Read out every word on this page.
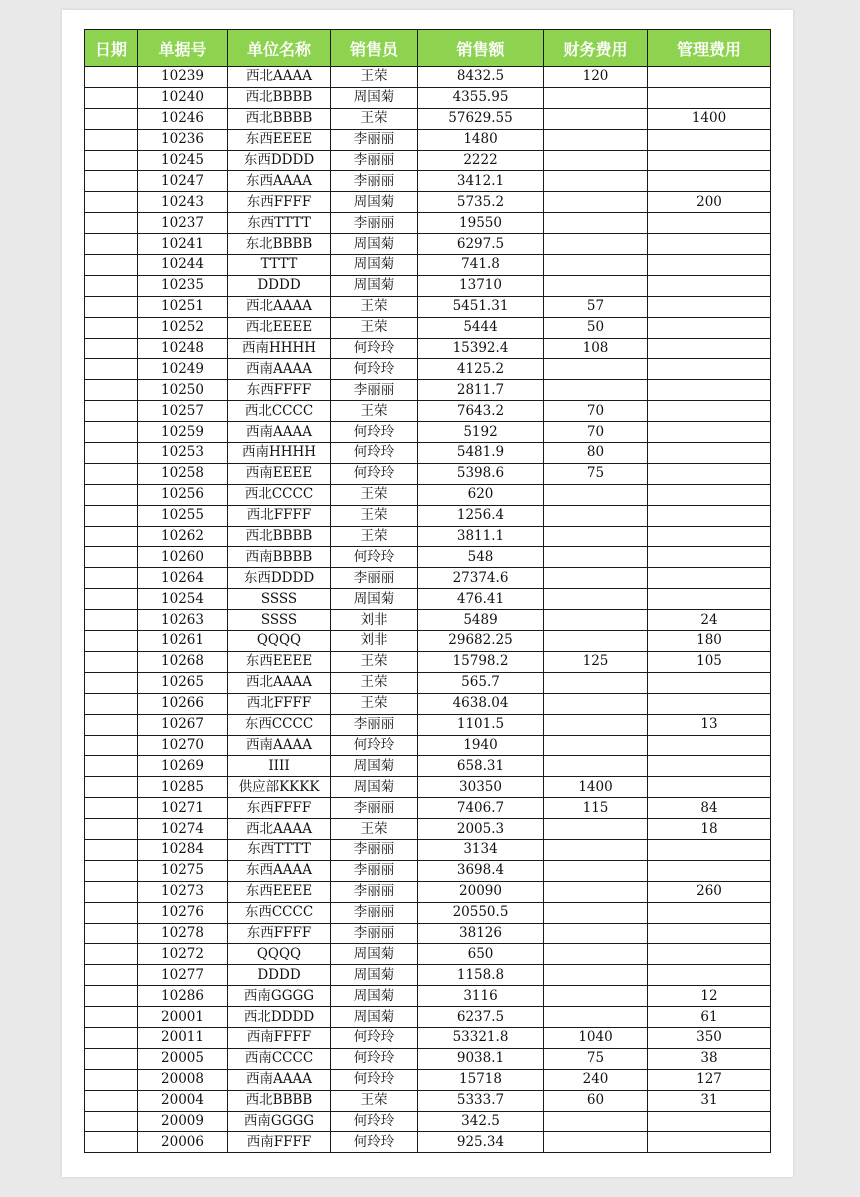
日期	单据号	单位名称	销售员	销售额	财务费用	管理费用
	10239	西北AAAA	王荣	8432.5	120	
	10240	西北BBBB	周国菊	4355.95		
	10246	西北BBBB	王荣	57629.55		1400
	10236	东西EEEE	李丽丽	1480		
	10245	东西DDDD	李丽丽	2222		
	10247	东西AAAA	李丽丽	3412.1		
	10243	东西FFFF	周国菊	5735.2		200
	10237	东西TTTT	李丽丽	19550		
	10241	东北BBBB	周国菊	6297.5		
	10244	TTTT	周国菊	741.8		
	10235	DDDD	周国菊	13710		
	10251	西北AAAA	王荣	5451.31	57	
	10252	西北EEEE	王荣	5444	50	
	10248	西南HHHH	何玲玲	15392.4	108	
	10249	西南AAAA	何玲玲	4125.2		
	10250	东西FFFF	李丽丽	2811.7		
	10257	西北CCCC	王荣	7643.2	70	
	10259	西南AAAA	何玲玲	5192	70	
	10253	西南HHHH	何玲玲	5481.9	80	
	10258	西南EEEE	何玲玲	5398.6	75	
	10256	西北CCCC	王荣	620		
	10255	西北FFFF	王荣	1256.4		
	10262	西北BBBB	王荣	3811.1		
	10260	西南BBBB	何玲玲	548		
	10264	东西DDDD	李丽丽	27374.6		
	10254	SSSS	周国菊	476.41		
	10263	SSSS	刘非	5489		24
	10261	QQQQ	刘非	29682.25		180
	10268	东西EEEE	王荣	15798.2	125	105
	10265	西北AAAA	王荣	565.7		
	10266	西北FFFF	王荣	4638.04		
	10267	东西CCCC	李丽丽	1101.5		13
	10270	西南AAAA	何玲玲	1940		
	10269	IIII	周国菊	658.31		
	10285	供应部KKKK	周国菊	30350	1400	
	10271	东西FFFF	李丽丽	7406.7	115	84
	10274	西北AAAA	王荣	2005.3		18
	10284	东西TTTT	李丽丽	3134		
	10275	东西AAAA	李丽丽	3698.4		
	10273	东西EEEE	李丽丽	20090		260
	10276	东西CCCC	李丽丽	20550.5		
	10278	东西FFFF	李丽丽	38126		
	10272	QQQQ	周国菊	650		
	10277	DDDD	周国菊	1158.8		
	10286	西南GGGG	周国菊	3116		12
	20001	西北DDDD	周国菊	6237.5		61
	20011	西南FFFF	何玲玲	53321.8	1040	350
	20005	西南CCCC	何玲玲	9038.1	75	38
	20008	西南AAAA	何玲玲	15718	240	127
	20004	西北BBBB	王荣	5333.7	60	31
	20009	西南GGGG	何玲玲	342.5		
	20006	西南FFFF	何玲玲	925.34		
